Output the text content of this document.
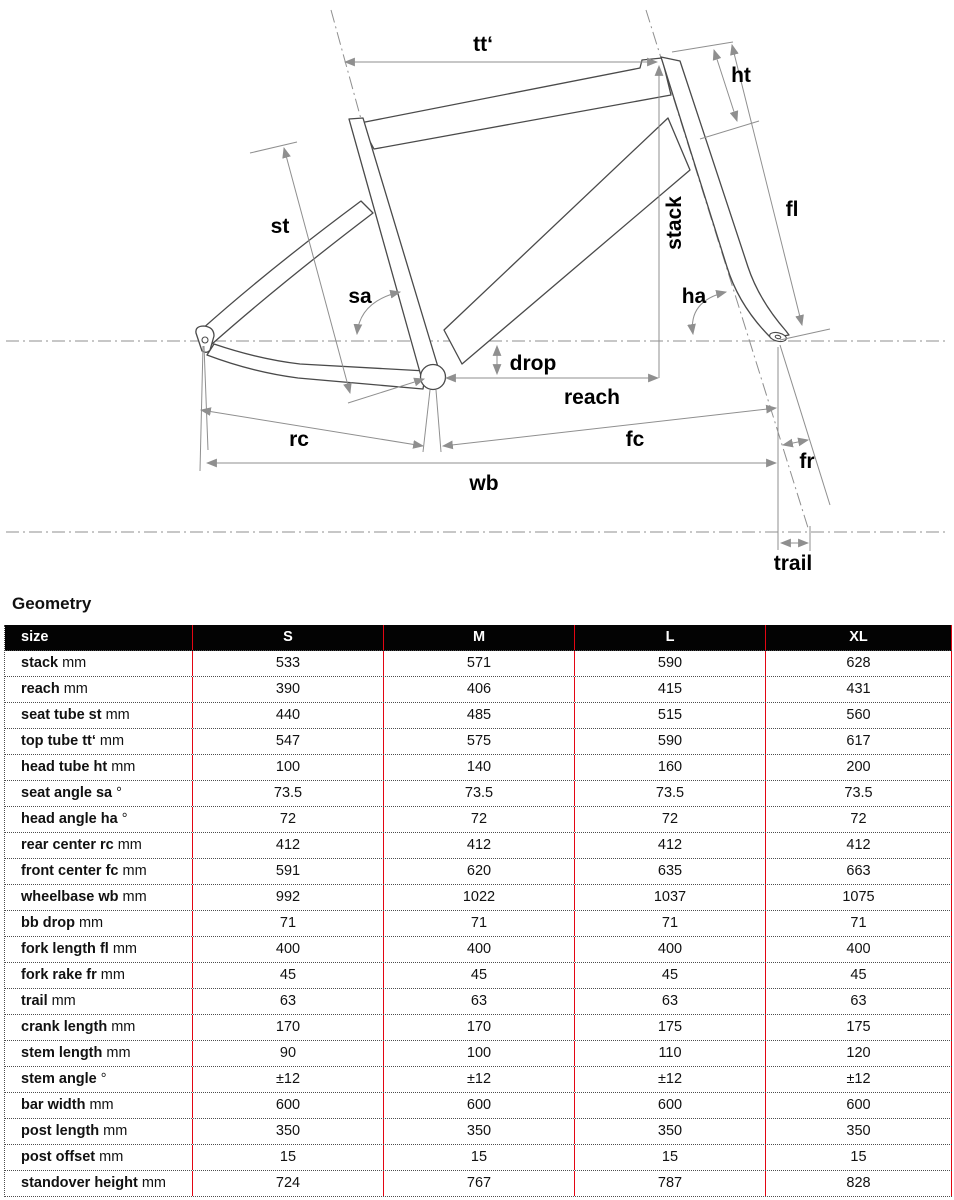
tt‘
ht
st
sa
stack
ha
fl
drop
reach
rc	fc
wb
fr
trail
Geometry
size	S	M	L	XL
stack mm	533	571	590	628
reach mm	390	406	415	431
seat tube st mm	440	485	515	560
top tube tt‘ mm	547	575	590	617
head tube ht mm	100	140	160	200
seat angle sa °	73.5	73.5	73.5	73.5
head angle ha °	72	72	72	72
rear center rc mm	412	412	412	412
front center fc mm	591	620	635	663
wheelbase wb mm	992	1022	1037	1075
bb drop mm	71	71	71	71
fork length fl mm	400	400	400	400
fork rake fr mm	45	45	45	45
trail mm	63	63	63	63
crank length mm	170	170	175	175
stem length mm	90	100	110	120
stem angle °	±12	±12	±12	±12
bar width mm	600	600	600	600
post length mm	350	350	350	350
post offset mm	15	15	15	15
standover height mm	724	767	787	828
